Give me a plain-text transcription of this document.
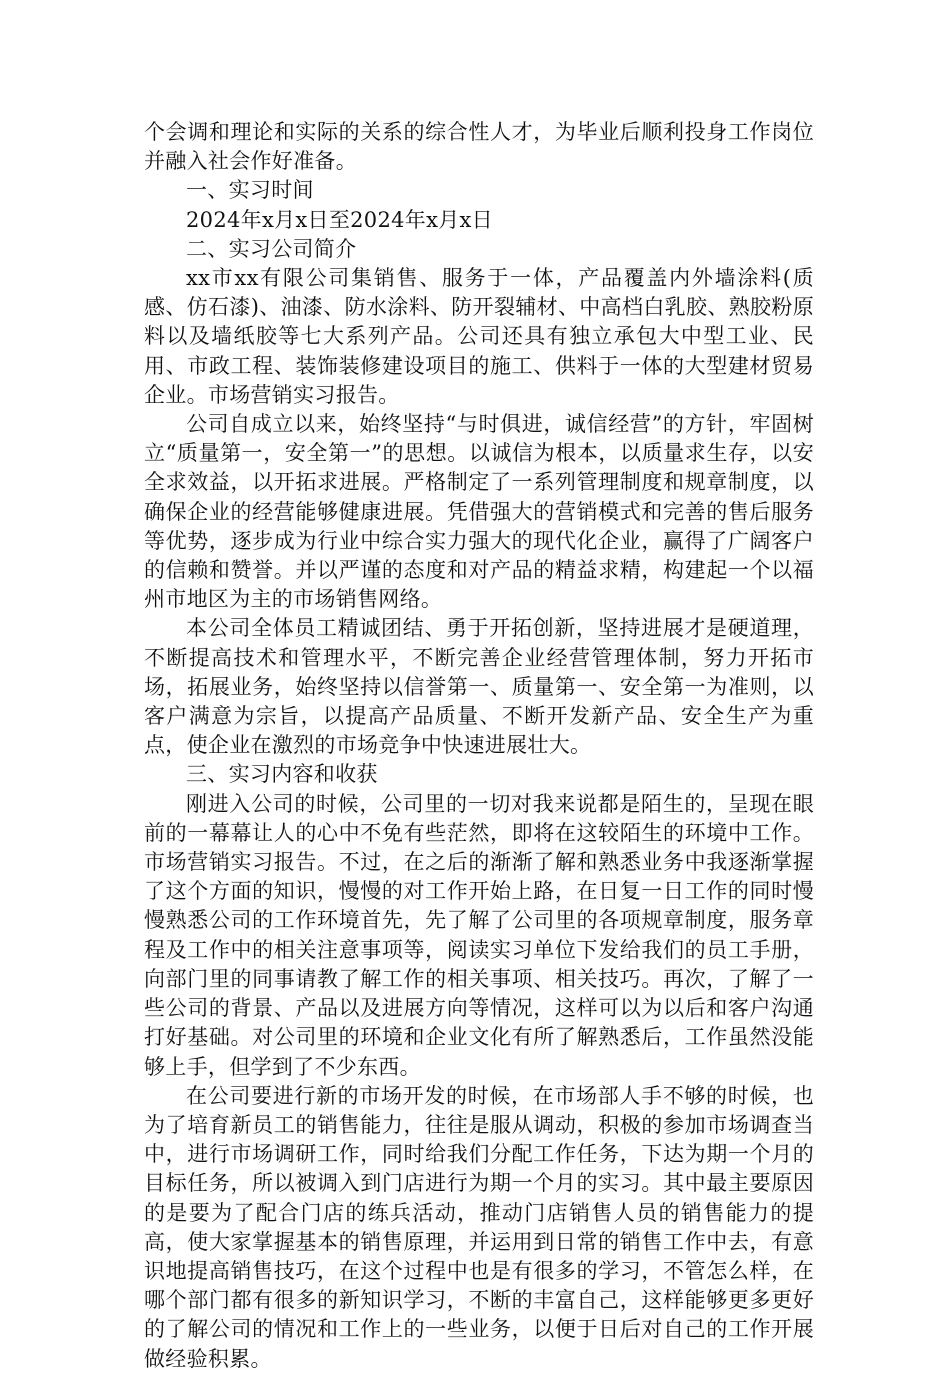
个会调和理论和实际的关系的综合性人才，为毕业后顺利投身工作岗位并融入社会作好准备。

一、实习时间

2024年x月x日至2024年x月x日

二、实习公司简介

xx市xx有限公司集销售、服务于一体，产品覆盖内外墙涂料(质感、仿石漆)、油漆、防水涂料、防开裂辅材、中高档白乳胶、熟胶粉原料以及墙纸胶等七大系列产品。公司还具有独立承包大中型工业、民用、市政工程、装饰装修建设项目的施工、供料于一体的大型建材贸易企业。市场营销实习报告。

公司自成立以来，始终坚持“与时俱进，诚信经营”的方针，牢固树立“质量第一，安全第一”的思想。以诚信为根本，以质量求生存，以安全求效益，以开拓求进展。严格制定了一系列管理制度和规章制度，以确保企业的经营能够健康进展。凭借强大的营销模式和完善的售后服务等优势，逐步成为行业中综合实力强大的现代化企业，赢得了广阔客户的信赖和赞誉。并以严谨的态度和对产品的精益求精，构建起一个以福州市地区为主的市场销售网络。

本公司全体员工精诚团结、勇于开拓创新，坚持进展才是硬道理，不断提高技术和管理水平，不断完善企业经营管理体制，努力开拓市场，拓展业务，始终坚持以信誉第一、质量第一、安全第一为准则，以客户满意为宗旨，以提高产品质量、不断开发新产品、安全生产为重点，使企业在激烈的市场竞争中快速进展壮大。

三、实习内容和收获

刚进入公司的时候，公司里的一切对我来说都是陌生的，呈现在眼前的一幕幕让人的心中不免有些茫然，即将在这较陌生的环境中工作。市场营销实习报告。不过，在之后的渐渐了解和熟悉业务中我逐渐掌握了这个方面的知识，慢慢的对工作开始上路，在日复一日工作的同时慢慢熟悉公司的工作环境首先，先了解了公司里的各项规章制度，服务章程及工作中的相关注意事项等，阅读实习单位下发给我们的员工手册，向部门里的同事请教了解工作的相关事项、相关技巧。再次，了解了一些公司的背景、产品以及进展方向等情况，这样可以为以后和客户沟通打好基础。对公司里的环境和企业文化有所了解熟悉后，工作虽然没能够上手，但学到了不少东西。

在公司要进行新的市场开发的时候，在市场部人手不够的时候，也为了培育新员工的销售能力，往往是服从调动，积极的参加市场调查当中，进行市场调研工作，同时给我们分配工作任务，下达为期一个月的目标任务，所以被调入到门店进行为期一个月的实习。其中最主要原因的是要为了配合门店的练兵活动，推动门店销售人员的销售能力的提高，使大家掌握基本的销售原理，并运用到日常的销售工作中去，有意识地提高销售技巧，在这个过程中也是有很多的学习，不管怎么样，在哪个部门都有很多的新知识学习，不断的丰富自己，这样能够更多更好的了解公司的情况和工作上的一些业务，以便于日后对自己的工作开展做经验积累。
